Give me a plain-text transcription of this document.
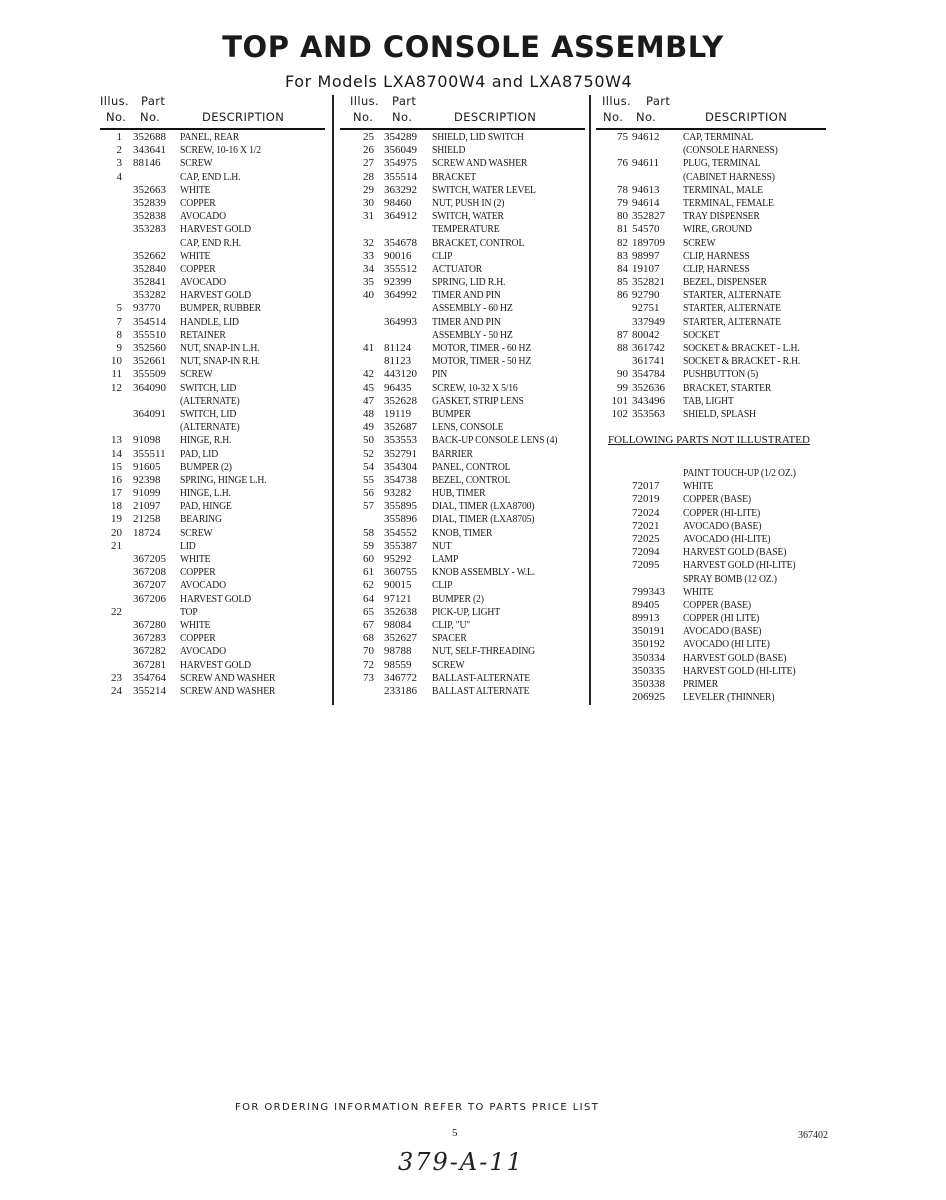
TOP AND CONSOLE ASSEMBLY
For Models LXA8700W4 and LXA8750W4
Illus. Part
No. No.	DESCRIPTION
1 352688 PANEL, REAR
2 343641 SCREW, 10-16 X 1/2
3 88146 SCREW
4	CAP, END L.H.
352663 WHITE
352839 COPPER
352838 AVOCADO
353283 HARVEST GOLD
CAP, END R.H.
352662 WHITE
352840 COPPER
352841 AVOCADO
353282 HARVEST GOLD
5 93770 BUMPER, RUBBER
7 354514 HANDLE, LID
8 355510 RETAINER
9 352560 NUT, SNAP-IN L.H.
10 352661 NUT, SNAP-IN R.H.
11 355509 SCREW
12 364090 SWITCH, LID
(ALTERNATE)
364091 SWITCH, LID
(ALTERNATE)
13 91098 HINGE, R.H.
14 355511 PAD, LID
15 91605 BUMPER (2)
16 92398 SPRING, HINGE L.H.
17 91099 HINGE, L.H.
18 21097 PAD, HINGE
19 21258 BEARING
20 18724 SCREW
21	LID
367205 WHITE
367208 COPPER
367207 AVOCADO
367206 HARVEST GOLD
22	TOP
367280 WHITE
367283 COPPER
367282 AVOCADO
367281 HARVEST GOLD
23 354764 SCREW AND WASHER
24 355214 SCREW AND WASHER
Illus. Part
No. No.	DESCRIPTION
25 354289 SHIELD, LID SWITCH
26 356049 SHIELD
27 354975 SCREW AND WASHER
28 355514 BRACKET
29 363292 SWITCH, WATER LEVEL
30 98460 NUT, PUSH IN (2)
31 364912 SWITCH, WATER
TEMPERATURE
32 354678 BRACKET, CONTROL
33 90016 CLIP
34 355512 ACTUATOR
35 92399 SPRING, LID R.H.
40 364992 TIMER AND PIN
ASSEMBLY - 60 HZ
364993 TIMER AND PIN
ASSEMBLY - 50 HZ
41 81124 MOTOR, TIMER - 60 HZ
81123 MOTOR, TIMER - 50 HZ
42 443120 PIN
45 96435 SCREW, 10-32 X 5/16
47 352628 GASKET, STRIP LENS
48 19119 BUMPER
49 352687 LENS, CONSOLE
50 353553 BACK-UP CONSOLE LENS (4)
52 352791 BARRIER
54 354304 PANEL, CONTROL
55 354738 BEZEL, CONTROL
56 93282 HUB, TIMER
57 355895 DIAL, TIMER (LXA8700)
355896 DIAL, TIMER (LXA8705)
58 354552 KNOB, TIMER
59 355387 NUT
60 95292 LAMP
61 360755 KNOB ASSEMBLY - W.L.
62 90015 CLIP
64 97121 BUMPER (2)
65 352638 PICK-UP, LIGHT
67 98084 CLIP, "U"
68 352627 SPACER
70 98788 NUT, SELF-THREADING
72 98559 SCREW
73 346772 BALLAST-ALTERNATE
233186 BALLAST ALTERNATE
Illus. Part
No. No.	DESCRIPTION
75 94612 CAP, TERMINAL
(CONSOLE HARNESS)
76 94611 PLUG, TERMINAL
(CABINET HARNESS)
78 94613 TERMINAL, MALE
79 94614 TERMINAL, FEMALE
80 352827 TRAY DISPENSER
81 54570 WIRE, GROUND
82 189709 SCREW
83 98997 CLIP, HARNESS
84 19107 CLIP, HARNESS
85 352821 BEZEL, DISPENSER
86 92790 STARTER, ALTERNATE
92751 STARTER, ALTERNATE
337949 STARTER, ALTERNATE
87 80042 SOCKET
88 361742 SOCKET & BRACKET - L.H.
361741 SOCKET & BRACKET - R.H.
90 354784 PUSHBUTTON (5)
99 352636 BRACKET, STARTER
101 343496 TAB, LIGHT
102 353563 SHIELD, SPLASH
FOLLOWING PARTS NOT ILLUSTRATED
PAINT TOUCH-UP (1/2 OZ.)
72017 WHITE
72019 COPPER (BASE)
72024 COPPER (HI-LITE)
72021 AVOCADO (BASE)
72025 AVOCADO (HI-LITE)
72094 HARVEST GOLD (BASE)
72095 HARVEST GOLD (HI-LITE)
SPRAY BOMB (12 OZ.)
799343 WHITE
89405 COPPER (BASE)
89913 COPPER (HI LITE)
350191 AVOCADO (BASE)
350192 AVOCADO (HI LITE)
350334 HARVEST GOLD (BASE)
350335 HARVEST GOLD (HI-LITE)
350338 PRIMER
206925 LEVELER (THINNER)
FOR ORDERING INFORMATION REFER TO PARTS PRICE LIST
5	367402
379-A-11
